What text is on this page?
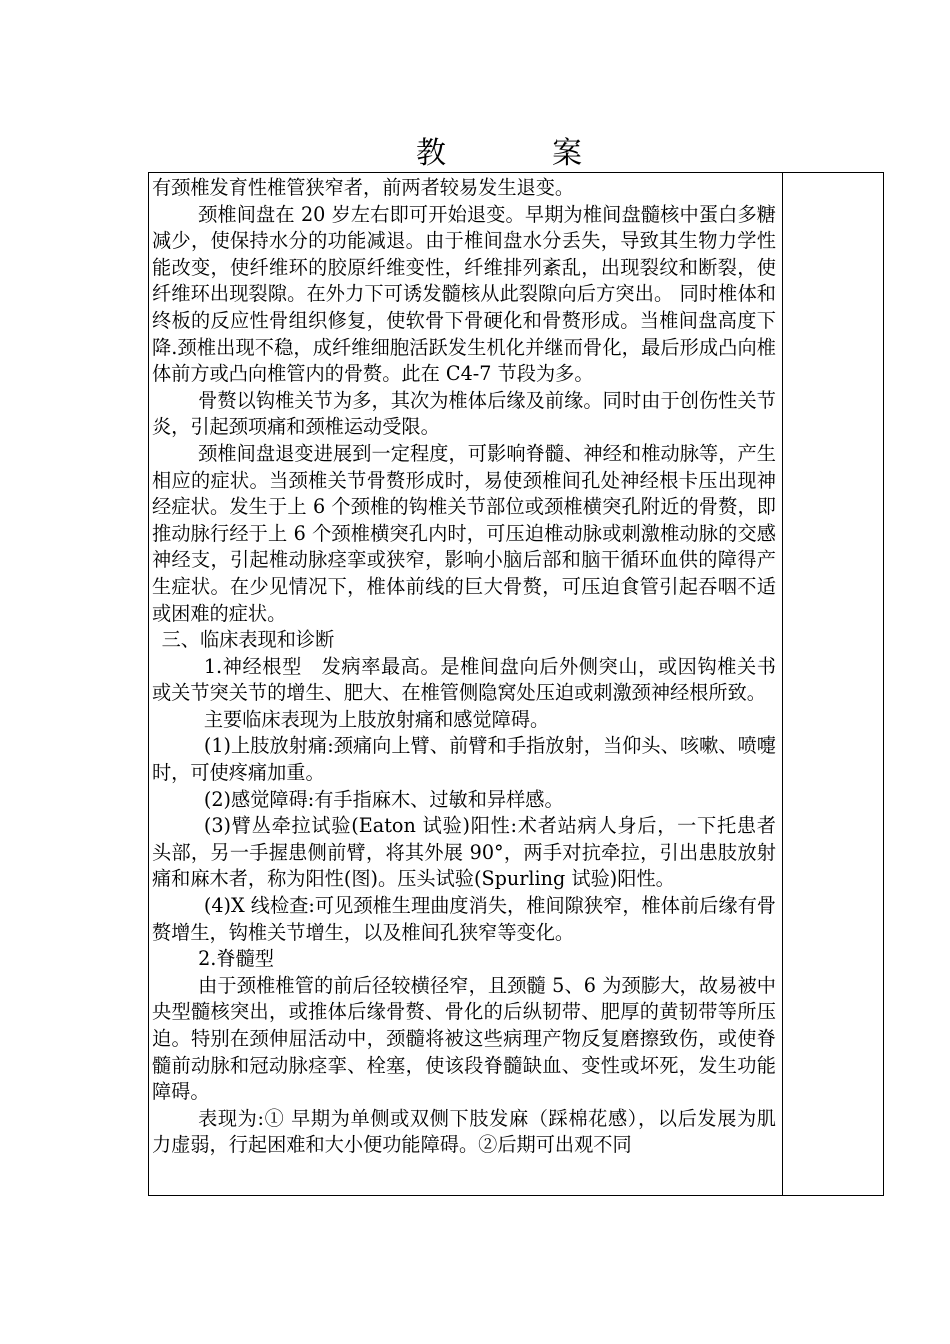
教　案

有颈椎发育性椎管狭窄者，前两者较易发生退变。

颈椎间盘在 20 岁左右即可开始退变。早期为椎间盘髓核中蛋白多糖减少，使保持水分的功能减退。由于椎间盘水分丢失，导致其生物力学性能改变，使纤维环的胶原纤维变性，纤维排列紊乱，出现裂纹和断裂，使纤维环出现裂隙。在外力下可诱发髓核从此裂隙向后方突出。 同时椎体和终板的反应性骨组织修复，使软骨下骨硬化和骨赘形成。当椎间盘高度下降.颈椎出现不稳，成纤维细胞活跃发生机化并继而骨化，最后形成凸向椎体前方或凸向椎管内的骨赘。此在 C4-7 节段为多。

骨赘以钩椎关节为多，其次为椎体后缘及前缘。同时由于创伤性关节炎，引起颈项痛和颈椎运动受限。

颈椎间盘退变进展到一定程度，可影响脊髓、神经和椎动脉等，产生相应的症状。当颈椎关节骨赘形成时，易使颈椎间孔处神经根卡压出现神经症状。发生于上 6 个颈椎的钩椎关节部位或颈椎横突孔附近的骨赘，即推动脉行经于上 6 个颈椎横突孔内时，可压迫椎动脉或刺激椎动脉的交感神经支，引起椎动脉痉挛或狭窄，影响小脑后部和脑干循环血供的障得产生症状。在少见情况下，椎体前线的巨大骨赘，可压迫食管引起吞咽不适或困难的症状。

三、临床表现和诊断

1.神经根型　发病率最高。是椎间盘向后外侧突山，或因钩椎关书或关节突关节的增生、肥大、在椎管侧隐窝处压迫或刺激颈神经根所致。

主要临床表现为上肢放射痛和感觉障碍。

(1)上肢放射痛:颈痛向上臂、前臂和手指放射，当仰头、咳嗽、喷嚏时，可使疼痛加重。

(2)感觉障碍:有手指麻木、过敏和异样感。

(3)臂丛牵拉试验(Eaton 试验)阳性:术者站病人身后，一下托患者头部，另一手握患侧前臂，将其外展 90°，两手对抗牵拉，引出患肢放射痛和麻木者，称为阳性(图)。压头试验(Spurling 试验)阳性。

(4)X 线检查:可见颈椎生理曲度消失，椎间隙狭窄，椎体前后缘有骨赘增生，钩椎关节增生，以及椎间孔狭窄等变化。

2.脊髓型

由于颈椎椎管的前后径较横径窄，且颈髓 5、6 为颈膨大，故易被中央型髓核突出，或推体后缘骨赘、骨化的后纵韧带、肥厚的黄韧带等所压迫。特别在颈伸屈活动中，颈髓将被这些病理产物反复磨擦致伤，或使脊髓前动脉和冠动脉痉挛、栓塞，使该段脊髓缺血、变性或坏死，发生功能障碍。

表现为:① 早期为单侧或双侧下肢发麻（踩棉花感），以后发展为肌力虚弱，行起困难和大小便功能障碍。②后期可出观不同
